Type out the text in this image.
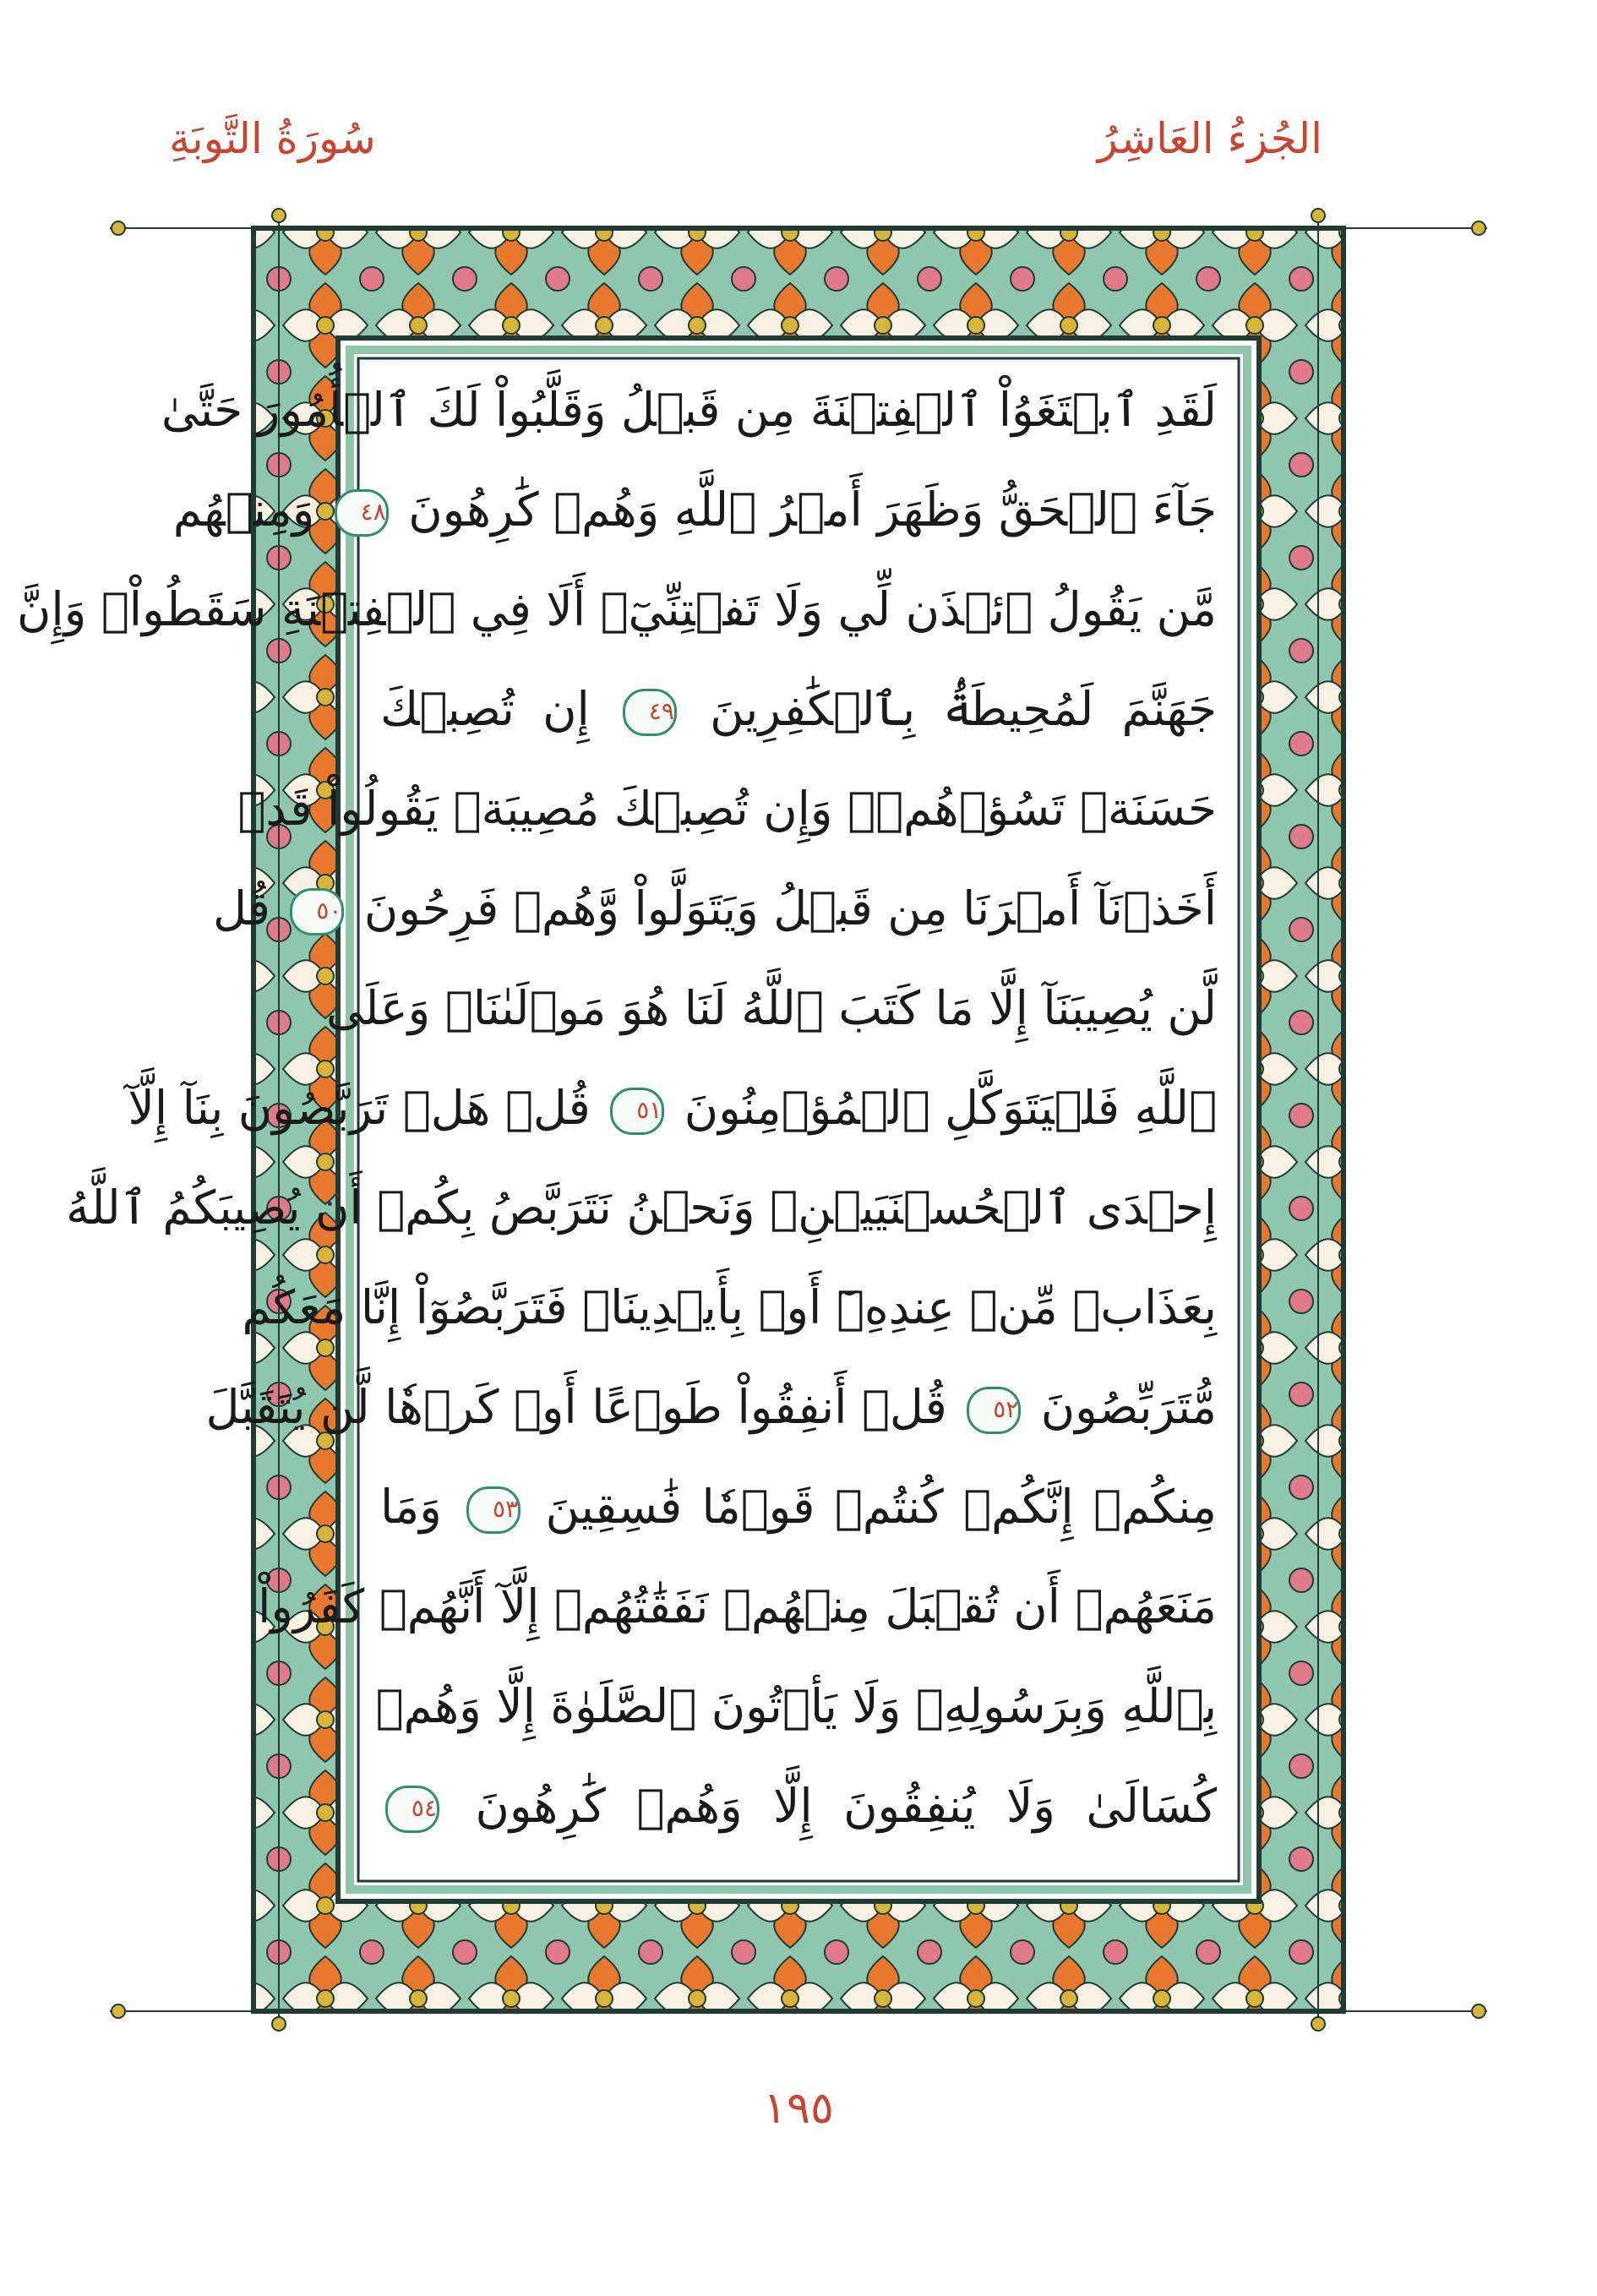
الجُزءُ العَاشِرُ
سُورَةُ التَّوبَةِ
لَقَدِ ٱبۡتَغَوُاْ ٱلۡفِتۡنَةَ مِن قَبۡلُ وَقَلَّبُواْ لَكَ ٱلۡأُمُورَ حَتَّىٰ
جَآءَ ٱلۡحَقُّ وَظَهَرَ أَمۡرُ ٱللَّهِ وَهُمۡ كَٰرِهُونَ ٤٨ وَمِنۡهُم
مَّن يَقُولُ ٱئۡذَن لِّي وَلَا تَفۡتِنِّيٓۚ أَلَا فِي ٱلۡفِتۡنَةِ سَقَطُواْۗ وَإِنَّ
جَهَنَّمَ لَمُحِيطَةُۢ بِٱلۡكَٰفِرِينَ ٤٩ إِن تُصِبۡكَ
حَسَنَةٞ تَسُؤۡهُمۡۖ وَإِن تُصِبۡكَ مُصِيبَةٞ يَقُولُواْ قَدۡ
أَخَذۡنَآ أَمۡرَنَا مِن قَبۡلُ وَيَتَوَلَّواْ وَّهُمۡ فَرِحُونَ ٥٠ قُل
لَّن يُصِيبَنَآ إِلَّا مَا كَتَبَ ٱللَّهُ لَنَا هُوَ مَوۡلَىٰنَاۚ وَعَلَى
ٱللَّهِ فَلۡيَتَوَكَّلِ ٱلۡمُؤۡمِنُونَ ٥١ قُلۡ هَلۡ تَرَبَّصُونَ بِنَآ إِلَّآ
إِحۡدَى ٱلۡحُسۡنَيَيۡنِۖ وَنَحۡنُ نَتَرَبَّصُ بِكُمۡ أَن يُصِيبَكُمُ ٱللَّهُ
بِعَذَابٖ مِّنۡ عِندِهِۦٓ أَوۡ بِأَيۡدِينَاۖ فَتَرَبَّصُوٓاْ إِنَّا مَعَكُم
مُّتَرَبِّصُونَ ٥٢ قُلۡ أَنفِقُواْ طَوۡعًا أَوۡ كَرۡهٗا لَّن يُتَقَبَّلَ
مِنكُمۡ إِنَّكُمۡ كُنتُمۡ قَوۡمٗا فَٰسِقِينَ ٥٣ وَمَا
مَنَعَهُمۡ أَن تُقۡبَلَ مِنۡهُمۡ نَفَقَٰتُهُمۡ إِلَّآ أَنَّهُمۡ كَفَرُواْ
بِٱللَّهِ وَبِرَسُولِهِۦ وَلَا يَأۡتُونَ ٱلصَّلَوٰةَ إِلَّا وَهُمۡ
كُسَالَىٰ وَلَا يُنفِقُونَ إِلَّا وَهُمۡ كَٰرِهُونَ ٥٤
١٩٥
